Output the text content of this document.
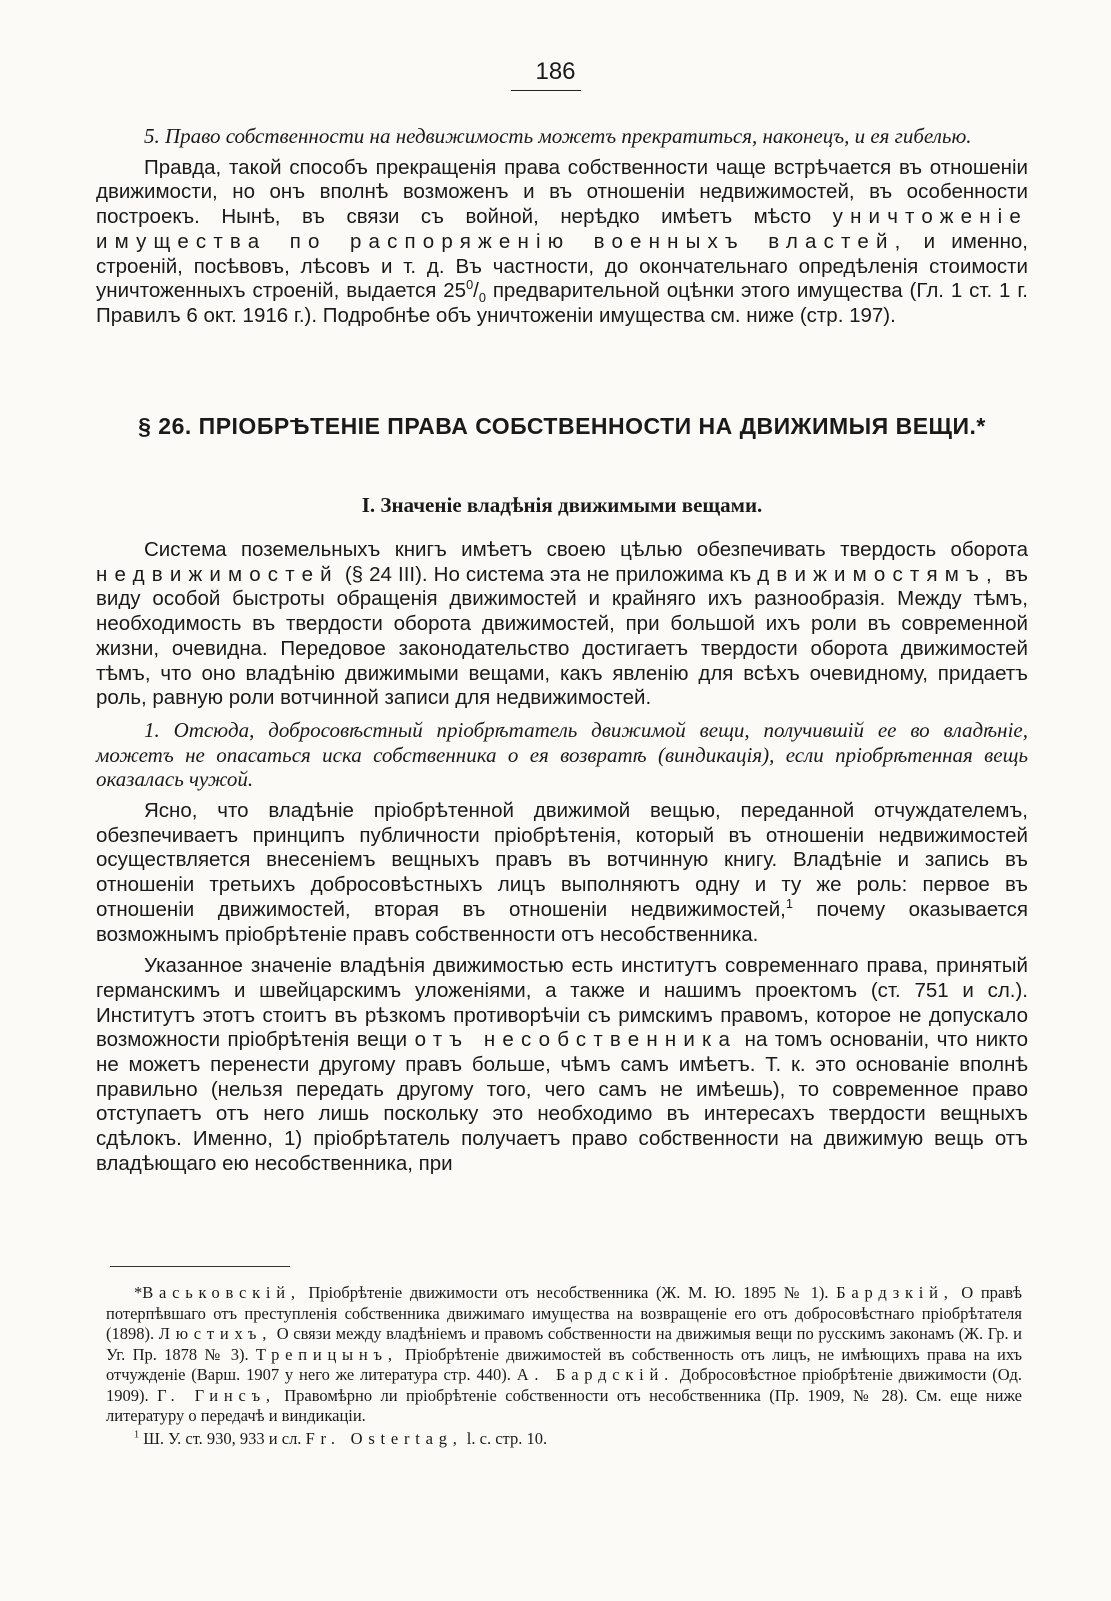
186

5. Право собственности на недвижимость можетъ прекратиться, наконецъ, и ея гибелью.

Правда, такой способъ прекращенія права собственности чаще встрѣчается въ отношеніи движимости, но онъ вполнѣ возможенъ и въ отношеніи недвижимостей, въ особенности построекъ. Нынѣ, въ связи съ войной, нерѣдко имѣетъ мѣсто уничтоженіе имущества по распоряженію военныхъ властей, и именно, строеній, посѣвовъ, лѣсовъ и т. д. Въ частности, до окончательнаго опредѣленія стоимости уничтоженныхъ строеній, выдается $25^0/_0$ предварительной оцѣнки этого имущества (Гл. 1 ст. 1 г. Правилъ 6 окт. 1916 г.). Подробнѣе объ уничтоженіи имущества см. ниже (стр. 197).

§ 26. ПРІОБРѢТЕНІЕ ПРАВА СОБСТВЕННОСТИ НА ДВИЖИМЫЯ ВЕЩИ.*
I. Значеніе владѣнія движимыми вещами.

Система поземельныхъ книгъ имѣетъ своею цѣлью обезпечивать твердость оборота недвижимостей (§ 24 III). Но система эта не приложима къ движимостямъ, въ виду особой быстроты обращенія движимостей и крайняго ихъ разнообразія. Между тѣмъ, необходимость въ твердости оборота движимостей, при большой ихъ роли въ современной жизни, очевидна. Передовое законодательство достигаетъ твердости оборота движимостей тѣмъ, что оно владѣнію движимыми вещами, какъ явленію для всѣхъ очевидному, придаетъ роль, равную роли вотчинной записи для недвижимостей.

1. Отсюда, добросовѣстный пріобрѣтатель движимой вещи, получившій ее во владѣніе, можетъ не опасаться иска собственника о ея возвратѣ (виндикація), если пріобрѣтенная вещь оказалась чужой.

Ясно, что владѣніе пріобрѣтенной движимой вещью, переданной отчуждателемъ, обезпечиваетъ принципъ публичности пріобрѣтенія, который въ отношеніи недвижимостей осуществляется внесеніемъ вещныхъ правъ въ вотчинную книгу. Владѣніе и запись въ отношеніи третьихъ добросовѣстныхъ лицъ выполняютъ одну и ту же роль: первое въ отношеніи движимостей, вторая въ отношеніи недвижимостей,$^1$ почему оказывается возможнымъ пріобрѣтеніе правъ собственности отъ несобственника.

Указанное значеніе владѣнія движимостью есть институтъ современнаго права, принятый германскимъ и швейцарскимъ уложеніями, а также и нашимъ проектомъ (ст. 751 и сл.). Институтъ этотъ стоитъ въ рѣзкомъ противорѣчіи съ римскимъ правомъ, которое не допускало возможности пріобрѣтенія вещи отъ несобственника на томъ основаніи, что никто не можетъ перенести другому правъ больше, чѣмъ самъ имѣетъ. Т. к. это основаніе вполнѣ правильно (нельзя передать другому того, чего самъ не имѣешь), то современное право отступаетъ отъ него лишь поскольку это необходимо въ интересахъ твердости вещныхъ сдѣлокъ. Именно, 1) пріобрѣтатель получаетъ право собственности на движимую вещь отъ владѣющаго ею несобственника, при

*Васьковскій, Пріобрѣтеніе движимости отъ несобственника (Ж. М. Ю. 1895 № 1). Бардзкій, О правѣ потерпѣвшаго отъ преступленія собственника движимаго имущества на возвращеніе его отъ добросовѣстнаго пріобрѣтателя (1898). Люстихъ, О связи между владѣніемъ и правомъ собственности на движимыя вещи по русскимъ законамъ (Ж. Гр. и Уг. Пр. 1878 № 3). Трепицынъ, Пріобрѣтеніе движимостей въ собственность отъ лицъ, не имѣющихъ права на ихъ отчужденіе (Варш. 1907 у него же литература стр. 440). А. Бардскій. Добросовѣстное пріобрѣтеніе движимости (Од. 1909). Г. Гинсъ, Правомѣрно ли пріобрѣтеніе собственности отъ несобственника (Пр. 1909, № 28). См. еще ниже литературу о передачѣ и виндикаціи.

$^1$ Ш. У. ст. 930, 933 и сл. Fr. Ostertag, l. c. стр. 10.
